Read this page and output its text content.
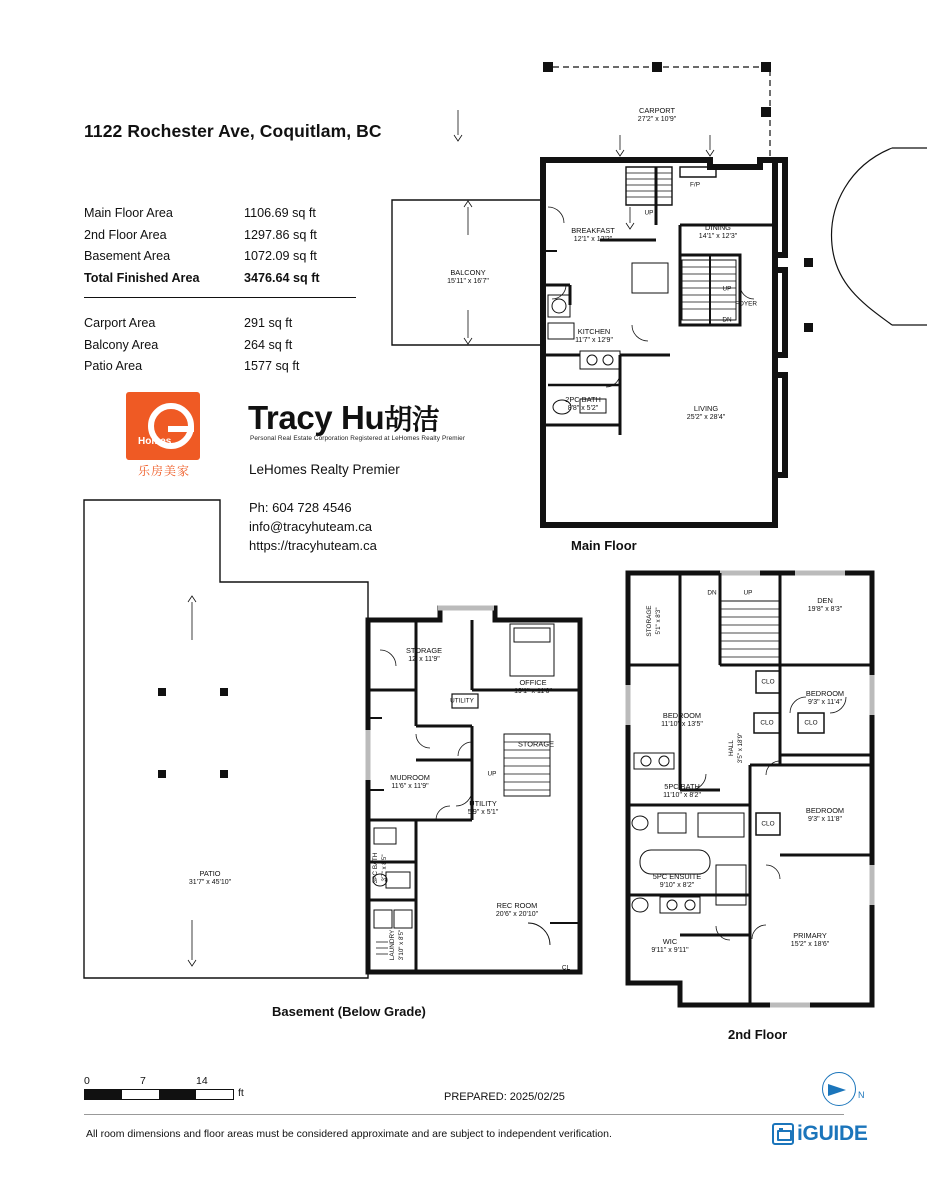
1122 Rochester Ave, Coquitlam, BC
Main Floor Area	1106.69 sq ft
2nd Floor Area	1297.86 sq ft
Basement Area	1072.09 sq ft
Total Finished Area	3476.64 sq ft
Carport Area	291 sq ft
Balcony Area	264 sq ft
Patio Area	1577 sq ft
Homes
乐房美家
Tracy Hu胡洁
Personal Real Estate Corporation Registered at LeHomes Realty Premier
LeHomes Realty Premier
Ph: 604 728 4546
info@tracyhuteam.ca
https://tracyhuteam.ca
CARPORT
27'2" x 10'9"
F/P
UP
BREAKFAST
12'1" x 12'2"
DINING
14'1" x 12'3"
BALCONY
15'11" x 16'7"
UP
FOYER
DN
KITCHEN
11'7" x 12'9"
2PC BATH
8'8" x 5'2"	LIVING
25'2" x 28'4"
STORAGE 5'1" x 8'3"
DEN
19'8" x 8'3"
DN	UP
BEDROOM
9'3" x 11'4"
BEDROOM
11'10" x 13'5"
CLO
HALL 3'5" x 18'9"
CLO	CLO
5PC BATH
11'10" x 8'2"
CLO
BEDROOM
9'3" x 11'8"
5PC ENSUITE
9'10" x 8'2"
WIC
9'11" x 9'11"
PRIMARY
15'2" x 18'6"
STORAGE
12' x 11'9"
OFFICE
19'1" x 11'6"
STORAGE
UTILITY
MUDROOM
11'6" x 11'9"
UP
UTILITY
5'9" x 5'1"
PATIO
31'7" x 45'10"	3PC BATH 3'7" x 8'5"
LAUNDRY 3'10" x 8'5"
REC ROOM
20'6" x 20'10"
CL
Main Floor
Basement (Below Grade)
2nd Floor
0	7	14
ft	PREPARED: 2025/02/25	N
All room dimensions and floor areas must be considered approximate and are subject to independent verification.	iGUIDE
